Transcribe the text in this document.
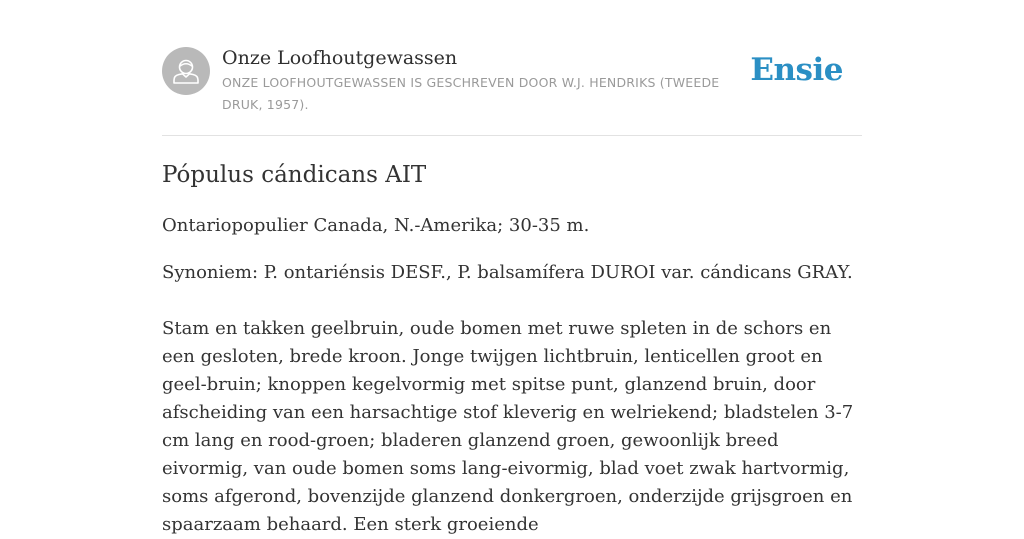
Onze Loofhoutgewassen
ONZE LOOFHOUTGEWASSEN IS GESCHREVEN DOOR W.J. HENDRIKS (TWEEDE DRUK, 1957).
Ensie
Pópulus cándicans AIT

Ontariopopulier Canada, N.-Amerika; 30-35 m.

Synoniem: P. ontariénsis DESF., P. balsamífera DUROI var. cándicans GRAY.

Stam en takken geelbruin, oude bomen met ruwe spleten in de schors en een gesloten, brede kroon. Jonge twijgen lichtbruin, lenticellen groot en geel-bruin; knoppen kegelvormig met spitse punt, glanzend bruin, door afscheiding van een harsachtige stof kleverig en welriekend; bladstelen 3-7 cm lang en rood-groen; bladeren glanzend groen, gewoonlijk breed eivormig, van oude bomen soms lang-eivormig, blad voet zwak hartvormig, soms afgerond, bovenzijde glanzend donkergroen, onderzijde grijsgroen en spaarzaam behaard. Een sterk groeiende
